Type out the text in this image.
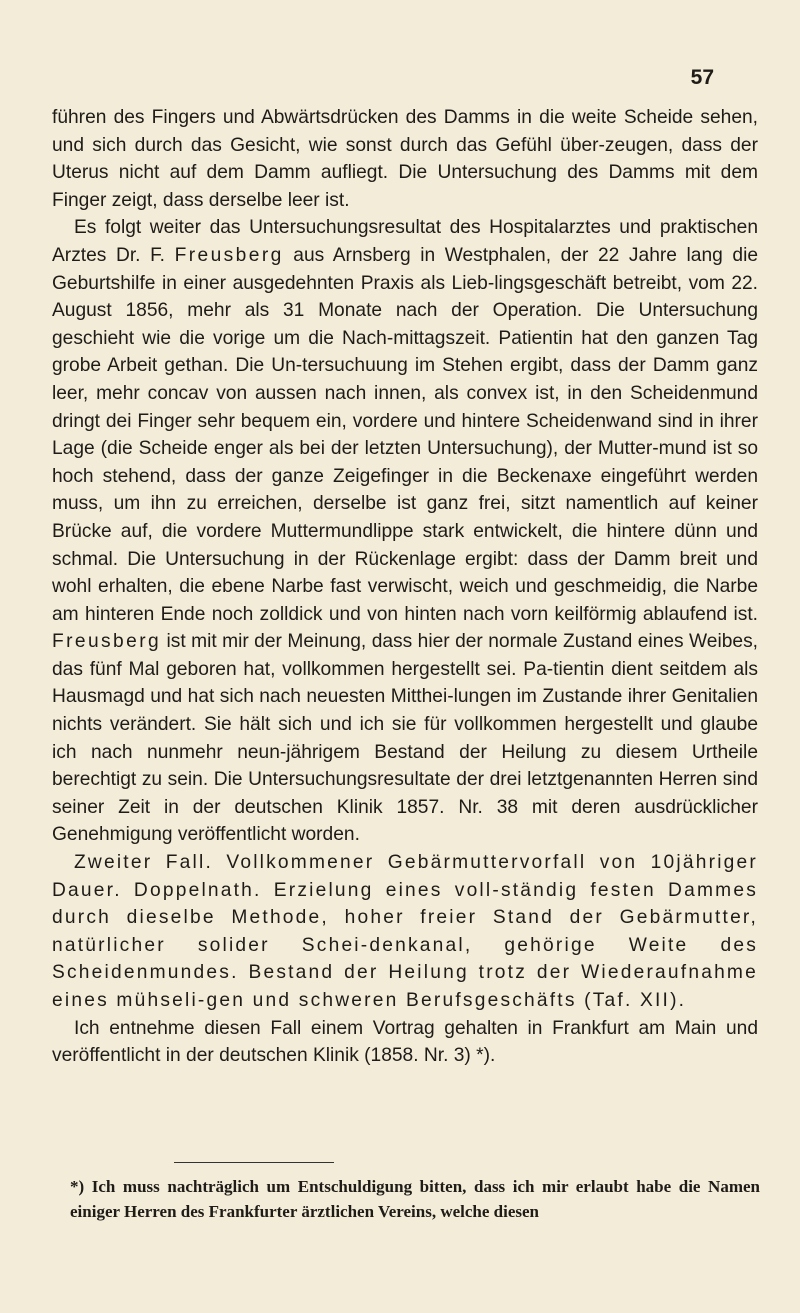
57

führen des Fingers und Abwärtsdrücken des Damms in die weite Scheide sehen, und sich durch das Gesicht, wie sonst durch das Gefühl über-zeugen, dass der Uterus nicht auf dem Damm aufliegt. Die Untersuchung des Damms mit dem Finger zeigt, dass derselbe leer ist.

Es folgt weiter das Untersuchungsresultat des Hospitalarztes und praktischen Arztes Dr. F. Freusberg aus Arnsberg in Westphalen, der 22 Jahre lang die Geburtshilfe in einer ausgedehnten Praxis als Lieb-lingsgeschäft betreibt, vom 22. August 1856, mehr als 31 Monate nach der Operation. Die Untersuchung geschieht wie die vorige um die Nach-mittagszeit. Patientin hat den ganzen Tag grobe Arbeit gethan. Die Un-tersuchuung im Stehen ergibt, dass der Damm ganz leer, mehr concav von aussen nach innen, als convex ist, in den Scheidenmund dringt dei Finger sehr bequem ein, vordere und hintere Scheidenwand sind in ihrer Lage (die Scheide enger als bei der letzten Untersuchung), der Mutter-mund ist so hoch stehend, dass der ganze Zeigefinger in die Beckenaxe eingeführt werden muss, um ihn zu erreichen, derselbe ist ganz frei, sitzt namentlich auf keiner Brücke auf, die vordere Muttermundlippe stark entwickelt, die hintere dünn und schmal. Die Untersuchung in der Rückenlage ergibt: dass der Damm breit und wohl erhalten, die ebene Narbe fast verwischt, weich und geschmeidig, die Narbe am hinteren Ende noch zolldick und von hinten nach vorn keilförmig ablaufend ist. Freusberg ist mit mir der Meinung, dass hier der normale Zustand eines Weibes, das fünf Mal geboren hat, vollkommen hergestellt sei. Pa-tientin dient seitdem als Hausmagd und hat sich nach neuesten Mitthei-lungen im Zustande ihrer Genitalien nichts verändert. Sie hält sich und ich sie für vollkommen hergestellt und glaube ich nach nunmehr neun-jährigem Bestand der Heilung zu diesem Urtheile berechtigt zu sein. Die Untersuchungsresultate der drei letztgenannten Herren sind seiner Zeit in der deutschen Klinik 1857. Nr. 38 mit deren ausdrücklicher Genehmigung veröffentlicht worden.

Zweiter Fall. Vollkommener Gebärmuttervorfall von 10jähriger Dauer. Doppelnath. Erzielung eines voll-ständig festen Dammes durch dieselbe Methode, hoher freier Stand der Gebärmutter, natürlicher solider Schei-denkanal, gehörige Weite des Scheidenmundes. Bestand der Heilung trotz der Wiederaufnahme eines mühseli-gen und schweren Berufsgeschäfts (Taf. XII).

Ich entnehme diesen Fall einem Vortrag gehalten in Frankfurt am Main und veröffentlicht in der deutschen Klinik (1858. Nr. 3) *).

*) Ich muss nachträglich um Entschuldigung bitten, dass ich mir erlaubt habe die Namen einiger Herren des Frankfurter ärztlichen Vereins, welche diesen
